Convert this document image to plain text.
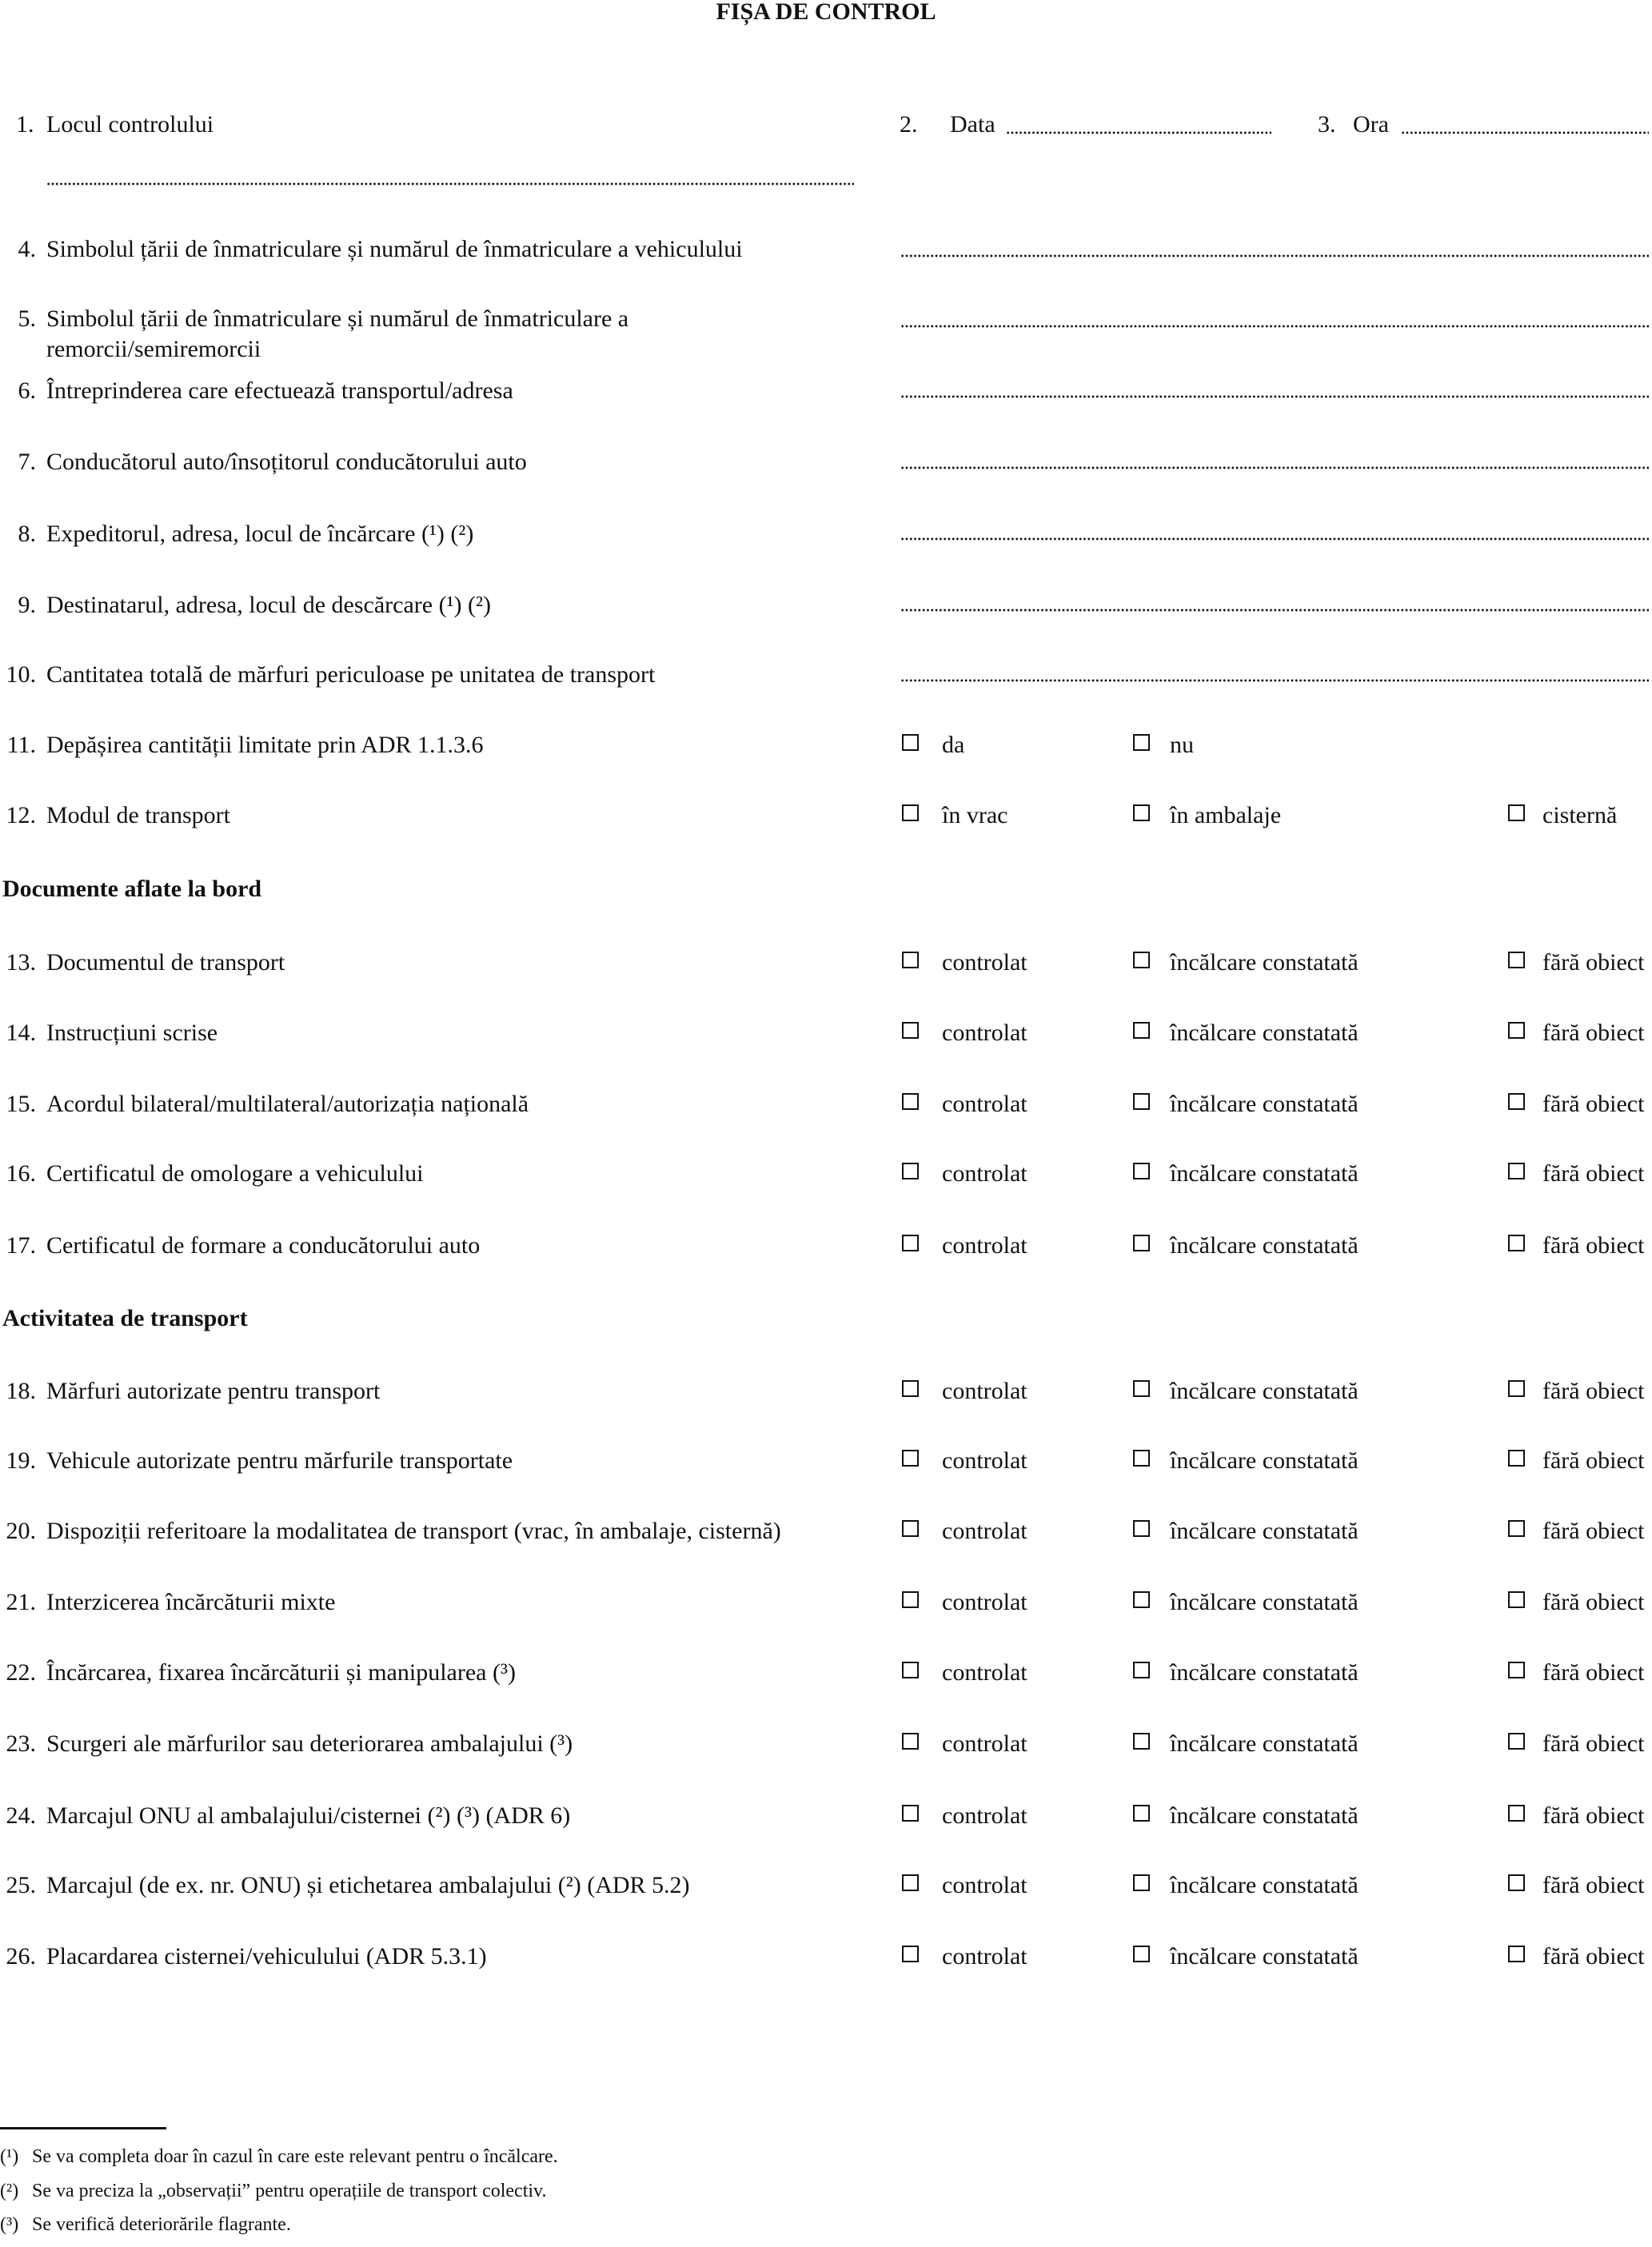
FIȘA DE CONTROL
1. Locul controlului	2. Data	3. Ora
4. Simbolul țării de înmatriculare și numărul de înmatriculare a vehiculului
5. Simbolul țării de înmatriculare și numărul de înmatriculare a
remorcii/semiremorcii
6. Întreprinderea care efectuează transportul/adresa
7. Conducătorul auto/însoțitorul conducătorului auto
8. Expeditorul, adresa, locul de încărcare (¹) (²)
9. Destinatarul, adresa, locul de descărcare (¹) (²)
10. Cantitatea totală de mărfuri periculoase pe unitatea de transport
11. Depășirea cantității limitate prin ADR 1.1.3.6	da	nu
12. Modul de transport	în vrac	în ambalaje	cisternă
Documente aflate la bord
13. Documentul de transport	controlat	încălcare constatată	fără obiect
14. Instrucțiuni scrise	controlat	încălcare constatată	fără obiect
15. Acordul bilateral/multilateral/autorizația națională	controlat	încălcare constatată	fără obiect
16. Certificatul de omologare a vehiculului	controlat	încălcare constatată	fără obiect
17. Certificatul de formare a conducătorului auto	controlat	încălcare constatată	fără obiect
Activitatea de transport
18. Mărfuri autorizate pentru transport	controlat	încălcare constatată	fără obiect
19. Vehicule autorizate pentru mărfurile transportate	controlat	încălcare constatată	fără obiect
20. Dispoziții referitoare la modalitatea de transport (vrac, în ambalaje, cisternă)	controlat	încălcare constatată	fără obiect
21. Interzicerea încărcăturii mixte	controlat	încălcare constatată	fără obiect
22. Încărcarea, fixarea încărcăturii și manipularea (³)	controlat	încălcare constatată	fără obiect
23. Scurgeri ale mărfurilor sau deteriorarea ambalajului (³)	controlat	încălcare constatată	fără obiect
24. Marcajul ONU al ambalajului/cisternei (²) (³) (ADR 6)	controlat	încălcare constatată	fără obiect
25. Marcajul (de ex. nr. ONU) și etichetarea ambalajului (²) (ADR 5.2)	controlat	încălcare constatată	fără obiect
26. Placardarea cisternei/vehiculului (ADR 5.3.1)	controlat	încălcare constatată	fără obiect
(¹) Se va completa doar în cazul în care este relevant pentru o încălcare.
(²) Se va preciza la „observații” pentru operațiile de transport colectiv.
(³) Se verifică deteriorările flagrante.
